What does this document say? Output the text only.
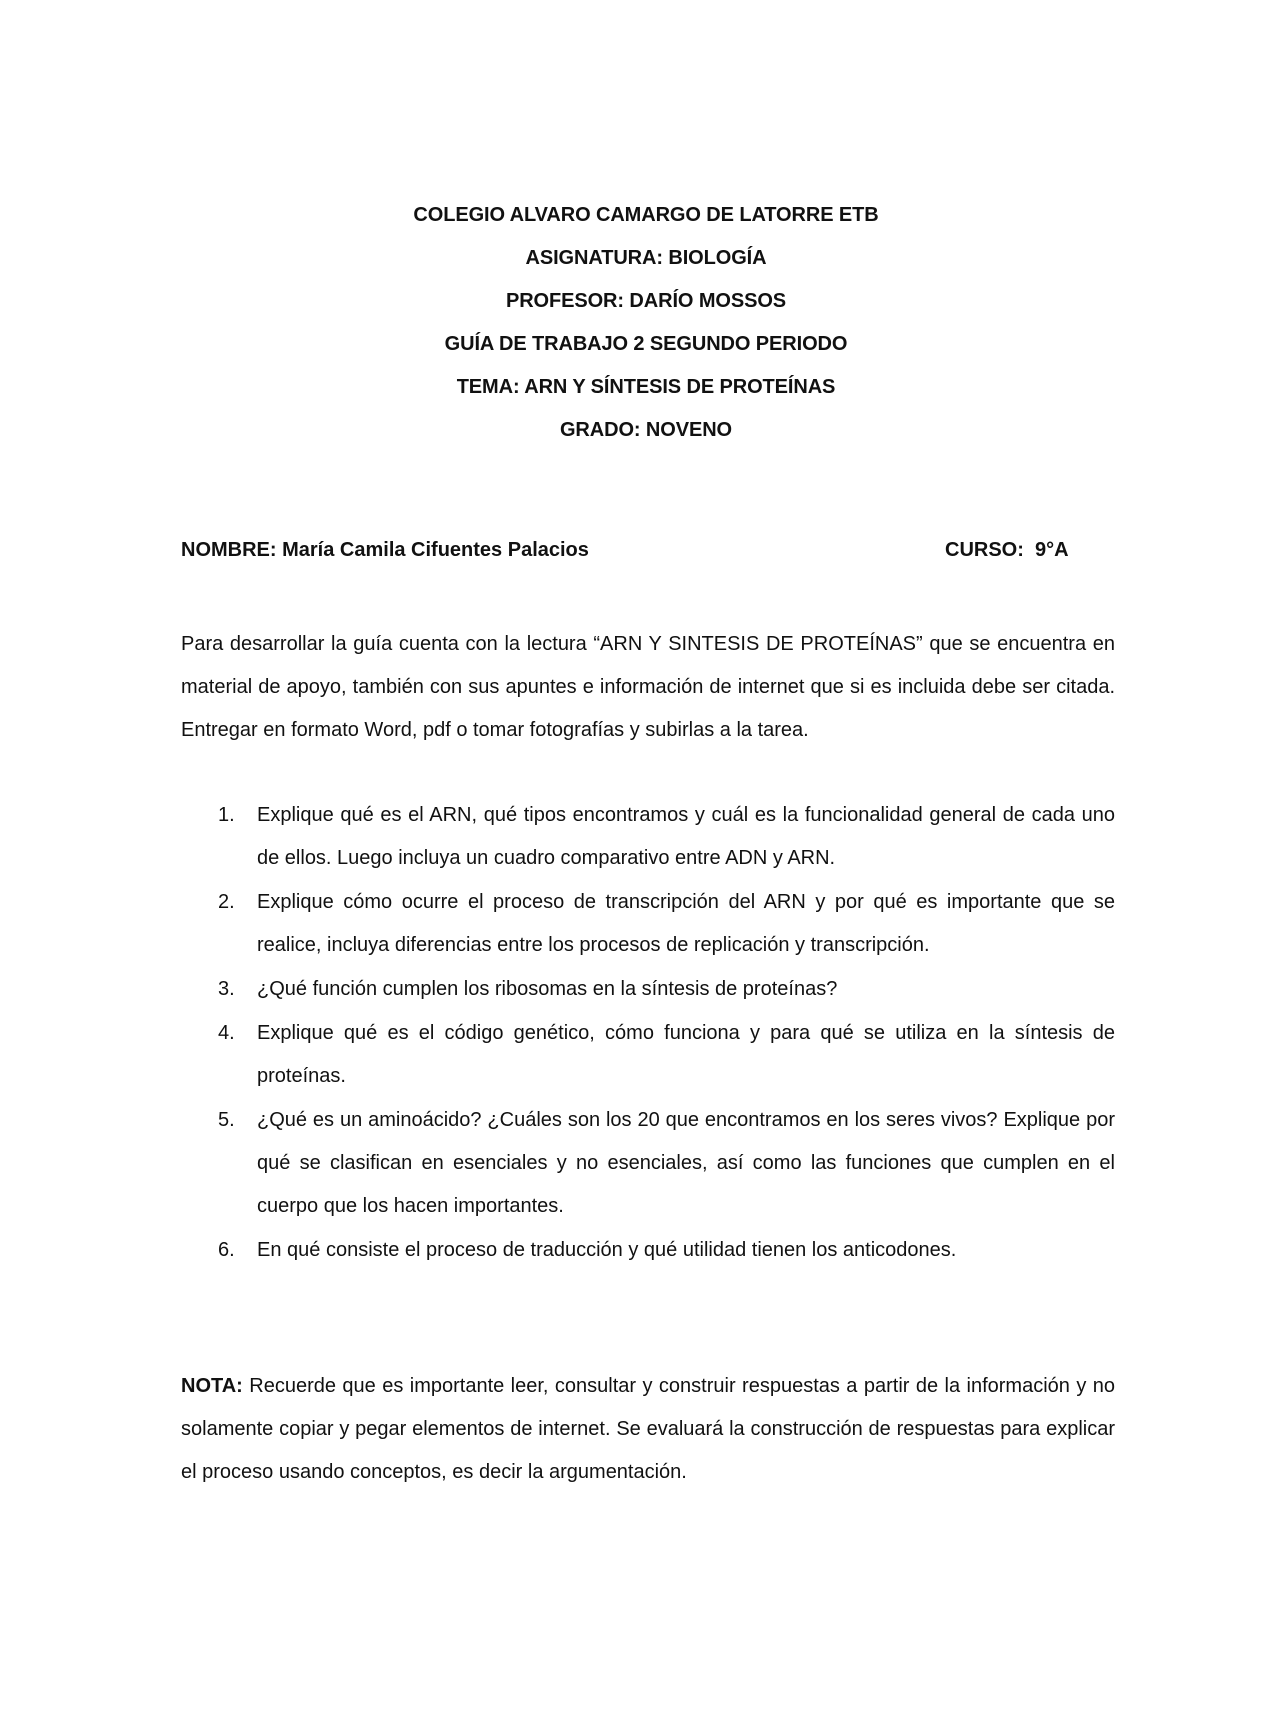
COLEGIO ALVARO CAMARGO DE LATORRE ETB
ASIGNATURA: BIOLOGÍA
PROFESOR: DARÍO MOSSOS
GUÍA DE TRABAJO 2 SEGUNDO PERIODO
TEMA: ARN Y SÍNTESIS DE PROTEÍNAS
GRADO: NOVENO
NOMBRE: María Camila Cifuentes Palacios	CURSO:  9°A

Para desarrollar la guía cuenta con la lectura “ARN Y SINTESIS DE PROTEÍNAS” que se encuentra en material de apoyo, también con sus apuntes e información de internet que si es incluida debe ser citada. Entregar en formato Word, pdf o tomar fotografías y subirlas a la tarea.

1. Explique qué es el ARN, qué tipos encontramos y cuál es la funcionalidad general de cada uno de ellos. Luego incluya un cuadro comparativo entre ADN y ARN.
2. Explique cómo ocurre el proceso de transcripción del ARN y por qué es importante que se realice, incluya diferencias entre los procesos de replicación y transcripción.
3. ¿Qué función cumplen los ribosomas en la síntesis de proteínas?
4. Explique qué es el código genético, cómo funciona y para qué se utiliza en la síntesis de proteínas.
5. ¿Qué es un aminoácido? ¿Cuáles son los 20 que encontramos en los seres vivos? Explique por qué se clasifican en esenciales y no esenciales, así como las funciones que cumplen en el cuerpo que los hacen importantes.
6. En qué consiste el proceso de traducción y qué utilidad tienen los anticodones.

NOTA: Recuerde que es importante leer, consultar y construir respuestas a partir de la información y no solamente copiar y pegar elementos de internet. Se evaluará la construcción de respuestas para explicar el proceso usando conceptos, es decir la argumentación.
